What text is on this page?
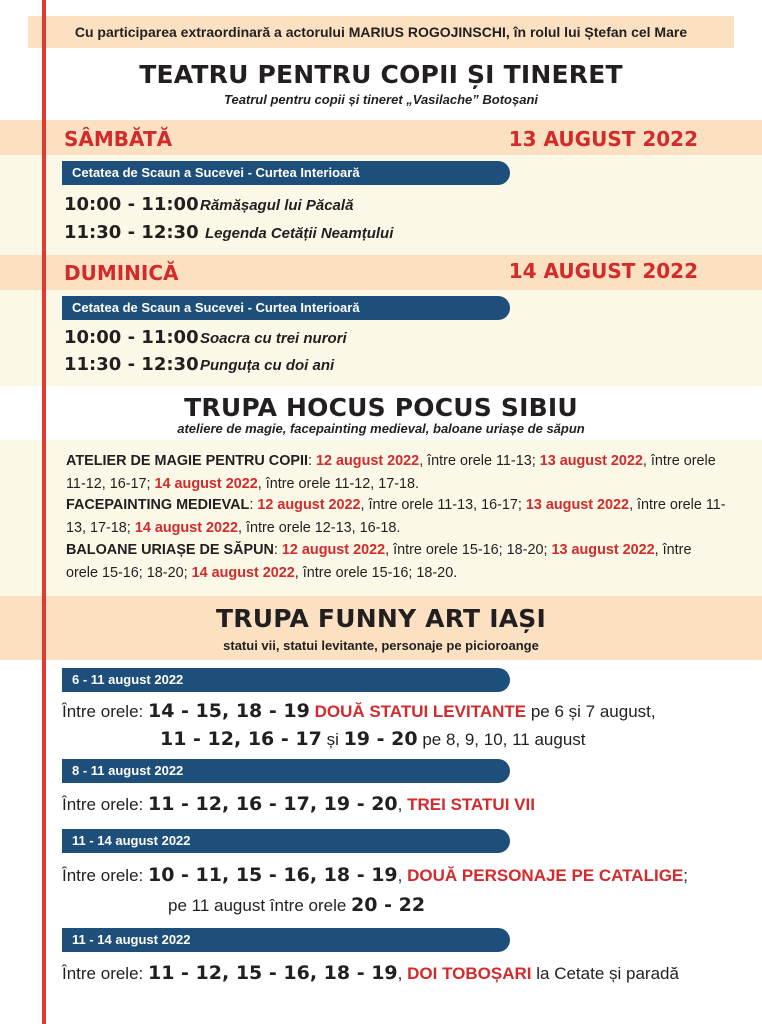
Cu participarea extraordinară a actorului MARIUS ROGOJINSCHI, în rolul lui Ștefan cel Mare
TEATRU PENTRU COPII ȘI TINERET
Teatrul pentru copii și tineret „Vasilache” Botoșani
SÂMBĂTĂ	13 AUGUST 2022
Cetatea de Scaun a Sucevei - Curtea Interioară
10:00 - 11:00 Rămășagul lui Păcală
11:30 - 12:30 Legenda Cetății Neamțului
DUMINICĂ	14 AUGUST 2022
Cetatea de Scaun a Sucevei - Curtea Interioară
10:00 - 11:00 Soacra cu trei nurori
11:30 - 12:30 Punguța cu doi ani
TRUPA HOCUS POCUS SIBIU
ateliere de magie, facepainting medieval, baloane uriașe de săpun
ATELIER DE MAGIE PENTRU COPII: 12 august 2022, între orele 11-13; 13 august 2022, între orele 11-12, 16-17; 14 august 2022, între orele 11-12, 17-18.
FACEPAINTING MEDIEVAL: 12 august 2022, între orele 11-13, 16-17; 13 august 2022, între orele 11-13, 17-18; 14 august 2022, între orele 12-13, 16-18.
BALOANE URIAȘE DE SĂPUN: 12 august 2022, între orele 15-16; 18-20; 13 august 2022, între orele 15-16; 18-20; 14 august 2022, între orele 15-16; 18-20.
TRUPA FUNNY ART IAȘI
statui vii, statui levitante, personaje pe picioroange
6 - 11 august 2022
Între orele: 14 - 15, 18 - 19 DOUĂ STATUI LEVITANTE pe 6 și 7 august,
11 - 12, 16 - 17 și 19 - 20 pe 8, 9, 10, 11 august
8 - 11 august 2022
Între orele: 11 - 12, 16 - 17, 19 - 20, TREI STATUI VII
11 - 14 august 2022
Între orele: 10 - 11, 15 - 16, 18 - 19, DOUĂ PERSONAJE PE CATALIGE;
pe 11 august între orele 20 - 22
11 - 14 august 2022
Între orele: 11 - 12, 15 - 16, 18 - 19, DOI TOBOȘARI la Cetate și paradă
